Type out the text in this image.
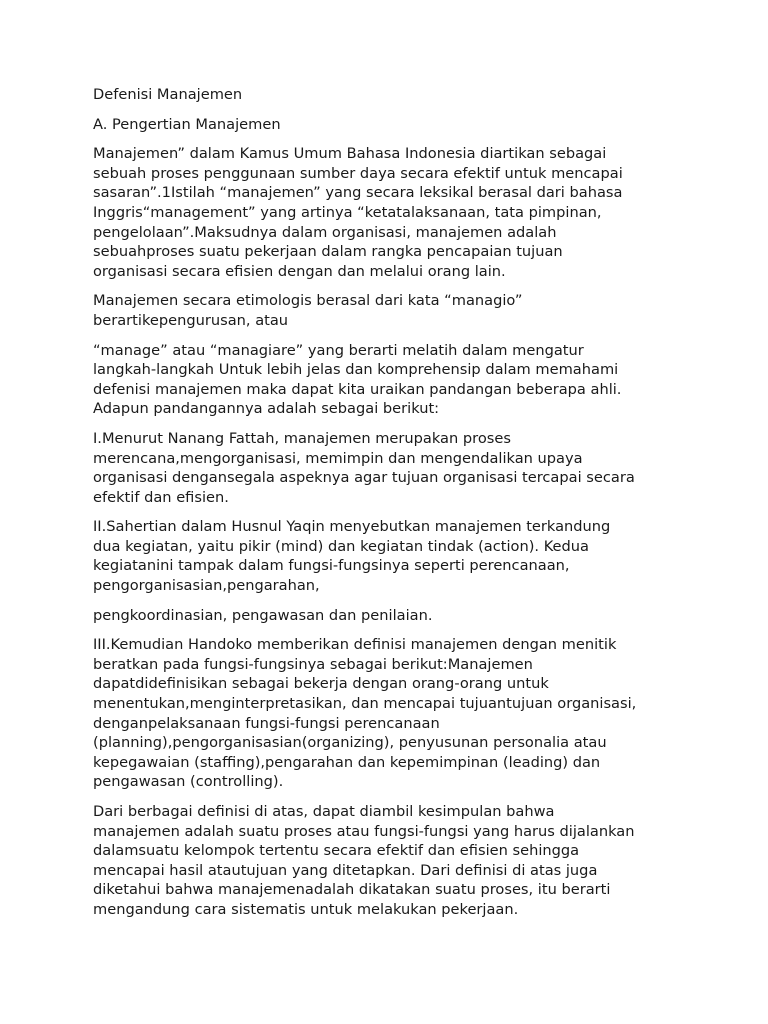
Defenisi Manajemen
A. Pengertian Manajemen

Manajemen” dalam Kamus Umum Bahasa Indonesia diartikan sebagai
sebuah proses penggunaan sumber daya secara efektif untuk mencapai
sasaran”.1Istilah “manajemen” yang secara leksikal berasal dari bahasa
Inggris“management” yang artinya “ketatalaksanaan, tata pimpinan,
pengelolaan”.Maksudnya dalam organisasi, manajemen adalah
sebuahproses suatu pekerjaan dalam rangka pencapaian tujuan
organisasi secara efisien dengan dan melalui orang lain.

Manajemen secara etimologis berasal dari kata “managio”
berartikepengurusan, atau

“manage” atau “managiare” yang berarti melatih dalam mengatur
langkah-langkah Untuk lebih jelas dan komprehensip dalam memahami
defenisi manajemen maka dapat kita uraikan pandangan beberapa ahli.
Adapun pandangannya adalah sebagai berikut:

I.Menurut Nanang Fattah, manajemen merupakan proses
merencana,mengorganisasi, memimpin dan mengendalikan upaya
organisasi dengansegala aspeknya agar tujuan organisasi tercapai secara
efektif dan efisien.

II.Sahertian dalam Husnul Yaqin menyebutkan manajemen terkandung
dua kegiatan, yaitu pikir (mind) dan kegiatan tindak (action). Kedua
kegiatanini tampak dalam fungsi-fungsinya seperti perencanaan,
pengorganisasian,pengarahan,

pengkoordinasian, pengawasan dan penilaian.

III.Kemudian Handoko memberikan definisi manajemen dengan menitik
beratkan pada fungsi-fungsinya sebagai berikut:Manajemen
dapatdidefinisikan sebagai bekerja dengan orang-orang untuk
menentukan,menginterpretasikan, dan mencapai tujuantujuan organisasi,
denganpelaksanaan fungsi-fungsi perencanaan
(planning),pengorganisasian(organizing), penyusunan personalia atau
kepegawaian (staffing),pengarahan dan kepemimpinan (leading) dan
pengawasan (controlling).

Dari berbagai definisi di atas, dapat diambil kesimpulan bahwa
manajemen adalah suatu proses atau fungsi-fungsi yang harus dijalankan
dalamsuatu kelompok tertentu secara efektif dan efisien sehingga
mencapai hasil atautujuan yang ditetapkan. Dari definisi di atas juga
diketahui bahwa manajemenadalah dikatakan suatu proses, itu berarti
mengandung cara sistematis untuk melakukan pekerjaan.
